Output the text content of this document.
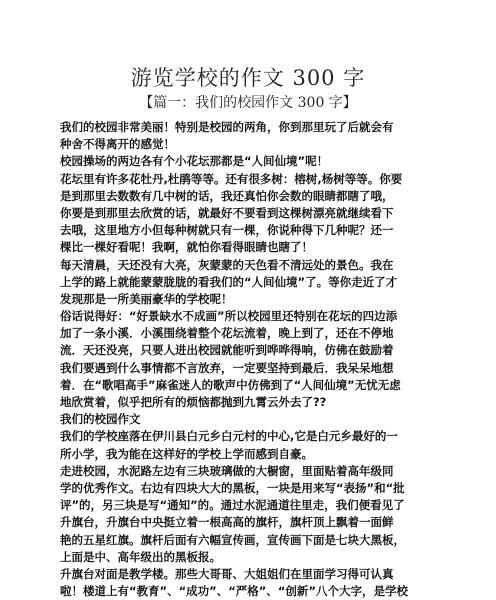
游览学校的作文 300 字
【篇一：我们的校园作文 300 字】
我们的校园非常美丽！特别是校园的两角，你到那里玩了后就会有
种舍不得离开的感觉！
校园操场的两边各有个小花坛那都是“人间仙境”呢！
花坛里有许多花牡丹,杜鹃等等。还有很多树：榕树,杨树等等。你要
是到那里去数数有几中树的话，我还真怕你会数的眼睛都瞎了哦，
你要是到那里去欣赏的话，就最好不要看到这棵树漂亮就继续看下
去哦，这里地方小但每种树就只有一棵，你说种得下几种呢？还一
棵比一棵好看呢！我啊，就怕你看得眼睛也瞎了！
每天清晨，天还没有大亮，灰蒙蒙的天色看不清远处的景色。我在
上学的路上就能蒙蒙胧胧的看我们的“人间仙境”了。等你走近了才
发现那是一所美丽豪华的学校呢！
俗话说得好：“好景缺水不成画”所以校园里还特别在花坛的四边添
加了一条小溪．小溪围绕着整个花坛流着，晚上到了，还在不停地
流．天还没亮，只要人进出校园就能听到哗哗得响，仿佛在鼓励着
我们要遇到什么事情都不言放弃，一定要坚持到最后．我呆呆地想
着．在“歌唱高手”麻雀迷人的歌声中仿佛到了“人间仙境”无忧无虑
地欣赏着，似乎把所有的烦恼都抛到九霄云外去了??
我们的校园作文
我们的学校座落在伊川县白元乡白元村的中心,它是白元乡最好的一
所小学，我为能在这样好的学校上学而感到自豪。
走进校园，水泥路左边有三块玻璃做的大橱窗，里面贴着高年级同
学的优秀作文。右边有四块大大的黑板，一块是用来写“表扬”和“批
评”的，另三块是写“通知”的。通过水泥通道往里走，我们便看见了
升旗台，升旗台中央挺立着一根高高的旗杆，旗杆顶上飘着一面鲜
艳的五星红旗。旗杆后面有六幅宣传画，宣传画下面是七块大黑板，
上面是中、高年级出的黑板报。
升旗台对面是教学楼。那些大哥哥、大姐姐们在里面学习得可认真
啦！楼道上有“教育”、“成功”、“严格”、“创新”八个大字，是学校
